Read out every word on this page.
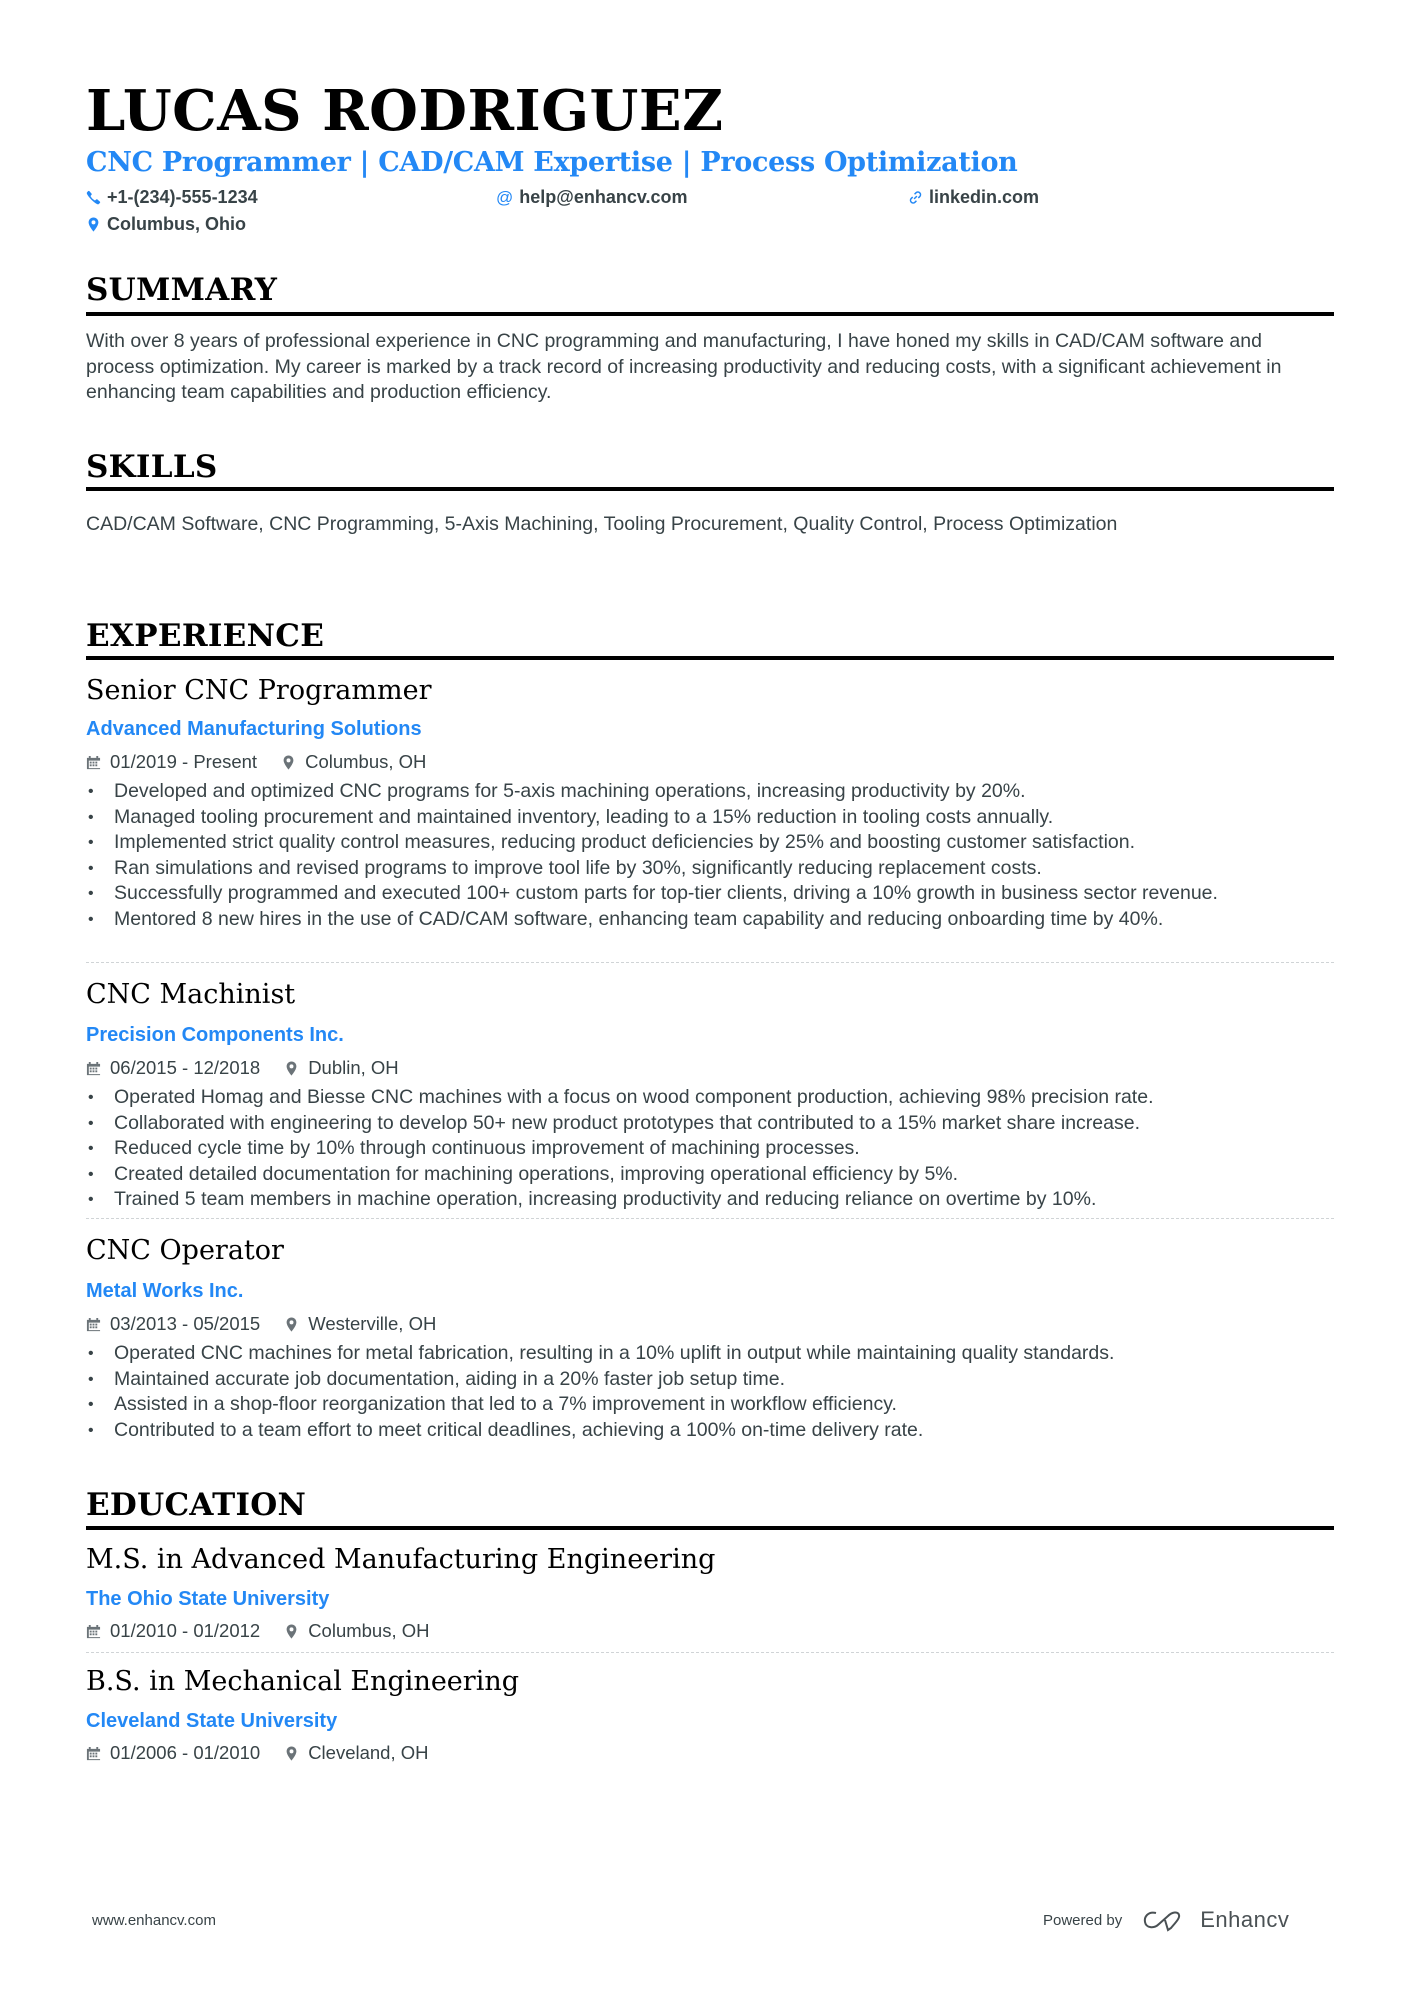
LUCAS RODRIGUEZ
CNC Programmer | CAD/CAM Expertise | Process Optimization
+1-(234)-555-1234	@ help@enhancv.com	linkedin.com
Columbus, Ohio
SUMMARY
With over 8 years of professional experience in CNC programming and manufacturing, I have honed my skills in CAD/CAM software and process optimization. My career is marked by a track record of increasing productivity and reducing costs, with a significant achievement in enhancing team capabilities and production efficiency.
SKILLS
CAD/CAM Software, CNC Programming, 5-Axis Machining, Tooling Procurement, Quality Control, Process Optimization
EXPERIENCE
Senior CNC Programmer
Advanced Manufacturing Solutions
01/2019 - Present	Columbus, OH
• Developed and optimized CNC programs for 5-axis machining operations, increasing productivity by 20%.
• Managed tooling procurement and maintained inventory, leading to a 15% reduction in tooling costs annually.
• Implemented strict quality control measures, reducing product deficiencies by 25% and boosting customer satisfaction.
• Ran simulations and revised programs to improve tool life by 30%, significantly reducing replacement costs.
• Successfully programmed and executed 100+ custom parts for top-tier clients, driving a 10% growth in business sector revenue.
• Mentored 8 new hires in the use of CAD/CAM software, enhancing team capability and reducing onboarding time by 40%.
CNC Machinist
Precision Components Inc.
06/2015 - 12/2018	Dublin, OH
• Operated Homag and Biesse CNC machines with a focus on wood component production, achieving 98% precision rate.
• Collaborated with engineering to develop 50+ new product prototypes that contributed to a 15% market share increase.
• Reduced cycle time by 10% through continuous improvement of machining processes.
• Created detailed documentation for machining operations, improving operational efficiency by 5%.
• Trained 5 team members in machine operation, increasing productivity and reducing reliance on overtime by 10%.
CNC Operator
Metal Works Inc.
03/2013 - 05/2015	Westerville, OH
• Operated CNC machines for metal fabrication, resulting in a 10% uplift in output while maintaining quality standards.
• Maintained accurate job documentation, aiding in a 20% faster job setup time.
• Assisted in a shop-floor reorganization that led to a 7% improvement in workflow efficiency.
• Contributed to a team effort to meet critical deadlines, achieving a 100% on-time delivery rate.
EDUCATION
M.S. in Advanced Manufacturing Engineering
The Ohio State University
01/2010 - 01/2012	Columbus, OH
B.S. in Mechanical Engineering
Cleveland State University
01/2006 - 01/2010	Cleveland, OH
www.enhancv.com	Powered by	Enhancv
